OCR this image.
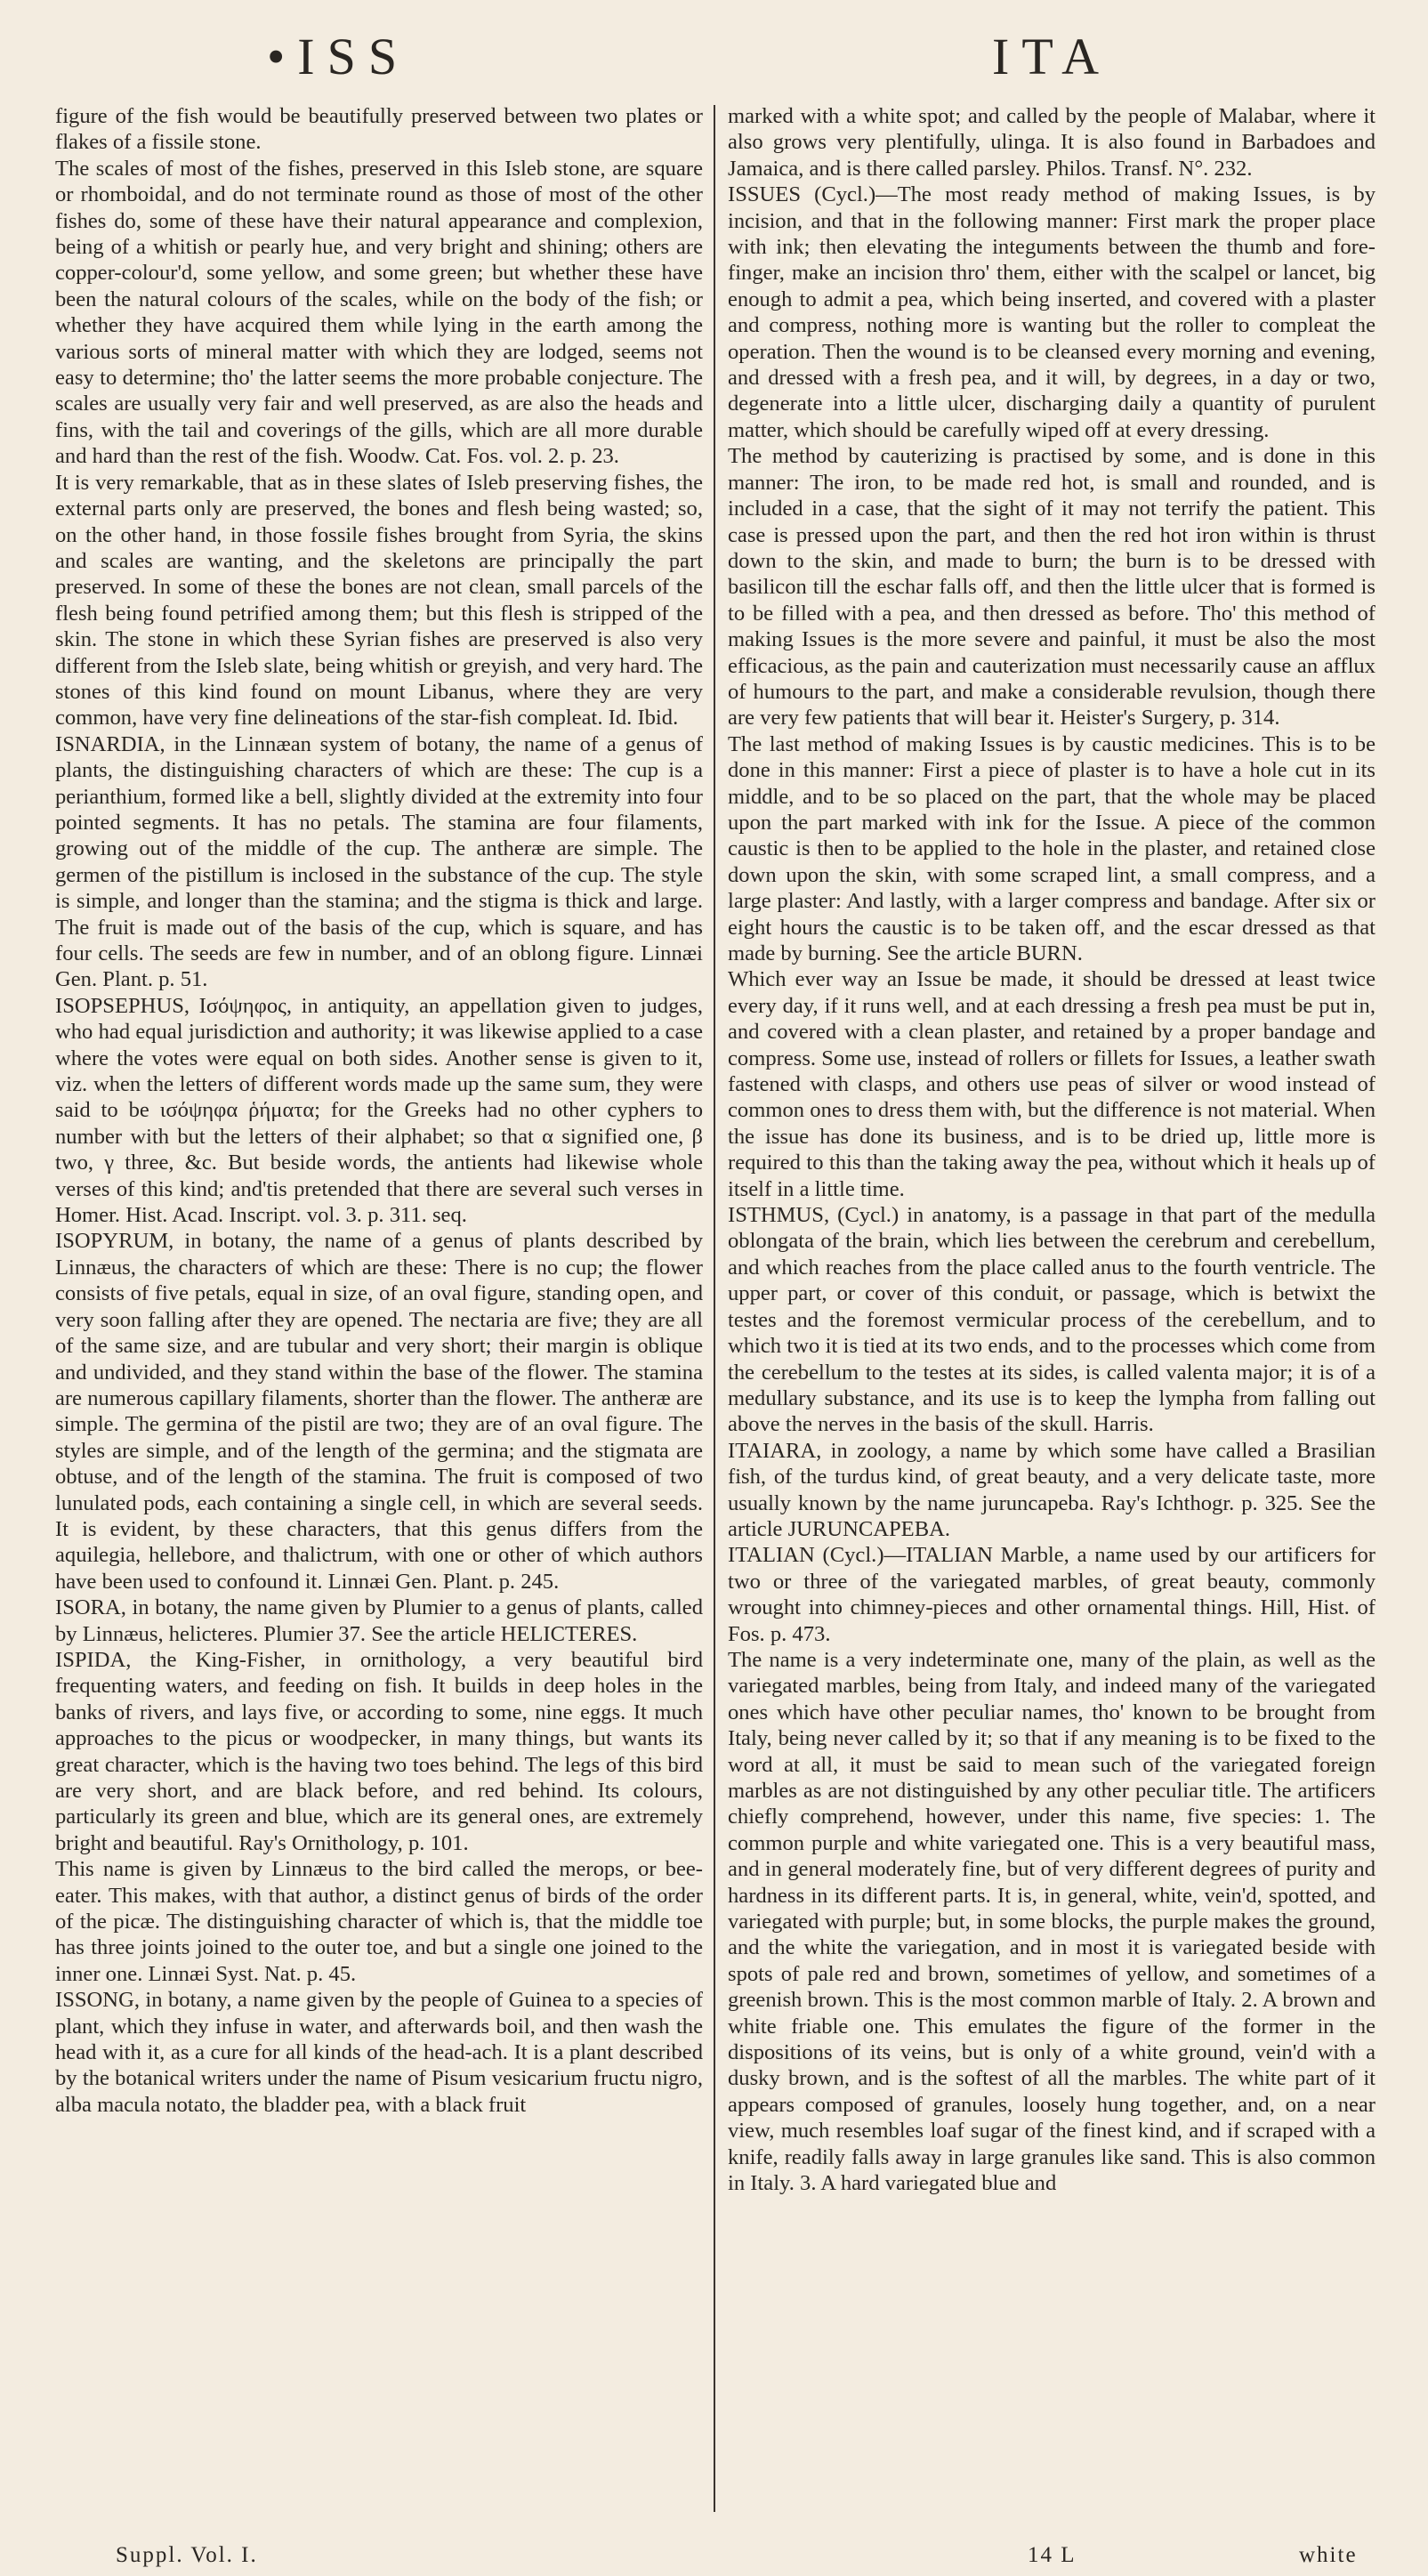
•ISS	ITA

figure of the fish would be beautifully preserved between two plates or flakes of a fissile stone.

The scales of most of the fishes, preserved in this Isleb stone, are square or rhomboidal, and do not terminate round as those of most of the other fishes do, some of these have their natural appearance and complexion, being of a whitish or pearly hue, and very bright and shining; others are copper-colour'd, some yellow, and some green; but whether these have been the natural colours of the scales, while on the body of the fish; or whether they have acquired them while lying in the earth among the various sorts of mineral matter with which they are lodged, seems not easy to determine; tho' the latter seems the more probable conjecture. The scales are usually very fair and well preserved, as are also the heads and fins, with the tail and coverings of the gills, which are all more durable and hard than the rest of the fish. Woodw. Cat. Fos. vol. 2. p. 23.

It is very remarkable, that as in these slates of Isleb preserving fishes, the external parts only are preserved, the bones and flesh being wasted; so, on the other hand, in those fossile fishes brought from Syria, the skins and scales are wanting, and the skeletons are principally the part preserved. In some of these the bones are not clean, small parcels of the flesh being found petrified among them; but this flesh is stripped of the skin. The stone in which these Syrian fishes are preserved is also very different from the Isleb slate, being whitish or greyish, and very hard. The stones of this kind found on mount Libanus, where they are very common, have very fine delineations of the star-fish compleat. Id. Ibid.

ISNARDIA, in the Linnæan system of botany, the name of a genus of plants, the distinguishing characters of which are these: The cup is a perianthium, formed like a bell, slightly divided at the extremity into four pointed segments. It has no petals. The stamina are four filaments, growing out of the middle of the cup. The antheræ are simple. The germen of the pistillum is inclosed in the substance of the cup. The style is simple, and longer than the stamina; and the stigma is thick and large. The fruit is made out of the basis of the cup, which is square, and has four cells. The seeds are few in number, and of an oblong figure. Linnæi Gen. Plant. p. 51.

ISOPSEPHUS, Ισόψηφος, in antiquity, an appellation given to judges, who had equal jurisdiction and authority; it was likewise applied to a case where the votes were equal on both sides. Another sense is given to it, viz. when the letters of different words made up the same sum, they were said to be ισόψηφα ῥήματα; for the Greeks had no other cyphers to number with but the letters of their alphabet; so that α signified one, β two, γ three, &c. But beside words, the antients had likewise whole verses of this kind; and'tis pretended that there are several such verses in Homer. Hist. Acad. Inscript. vol. 3. p. 311. seq.

ISOPYRUM, in botany, the name of a genus of plants described by Linnæus, the characters of which are these: There is no cup; the flower consists of five petals, equal in size, of an oval figure, standing open, and very soon falling after they are opened. The nectaria are five; they are all of the same size, and are tubular and very short; their margin is oblique and undivided, and they stand within the base of the flower. The stamina are numerous capillary filaments, shorter than the flower. The antheræ are simple. The germina of the pistil are two; they are of an oval figure. The styles are simple, and of the length of the germina; and the stigmata are obtuse, and of the length of the stamina. The fruit is composed of two lunulated pods, each containing a single cell, in which are several seeds. It is evident, by these characters, that this genus differs from the aquilegia, hellebore, and thalictrum, with one or other of which authors have been used to confound it. Linnæi Gen. Plant. p. 245.

ISORA, in botany, the name given by Plumier to a genus of plants, called by Linnæus, helicteres. Plumier 37. See the article HELICTERES.

ISPIDA, the King-Fisher, in ornithology, a very beautiful bird frequenting waters, and feeding on fish. It builds in deep holes in the banks of rivers, and lays five, or according to some, nine eggs. It much approaches to the picus or woodpecker, in many things, but wants its great character, which is the having two toes behind. The legs of this bird are very short, and are black before, and red behind. Its colours, particularly its green and blue, which are its general ones, are extremely bright and beautiful. Ray's Ornithology, p. 101.

This name is given by Linnæus to the bird called the merops, or bee-eater. This makes, with that author, a distinct genus of birds of the order of the picæ. The distinguishing character of which is, that the middle toe has three joints joined to the outer toe, and but a single one joined to the inner one. Linnæi Syst. Nat. p. 45.

ISSONG, in botany, a name given by the people of Guinea to a species of plant, which they infuse in water, and afterwards boil, and then wash the head with it, as a cure for all kinds of the head-ach. It is a plant described by the botanical writers under the name of Pisum vesicarium fructu nigro, alba macula notato, the bladder pea, with a black fruit

marked with a white spot; and called by the people of Malabar, where it also grows very plentifully, ulinga. It is also found in Barbadoes and Jamaica, and is there called parsley. Philos. Transf. N°. 232.

ISSUES (Cycl.)—The most ready method of making Issues, is by incision, and that in the following manner: First mark the proper place with ink; then elevating the integuments between the thumb and fore-finger, make an incision thro' them, either with the scalpel or lancet, big enough to admit a pea, which being inserted, and covered with a plaster and compress, nothing more is wanting but the roller to compleat the operation. Then the wound is to be cleansed every morning and evening, and dressed with a fresh pea, and it will, by degrees, in a day or two, degenerate into a little ulcer, discharging daily a quantity of purulent matter, which should be carefully wiped off at every dressing.

The method by cauterizing is practised by some, and is done in this manner: The iron, to be made red hot, is small and rounded, and is included in a case, that the sight of it may not terrify the patient. This case is pressed upon the part, and then the red hot iron within is thrust down to the skin, and made to burn; the burn is to be dressed with basilicon till the eschar falls off, and then the little ulcer that is formed is to be filled with a pea, and then dressed as before. Tho' this method of making Issues is the more severe and painful, it must be also the most efficacious, as the pain and cauterization must necessarily cause an afflux of humours to the part, and make a considerable revulsion, though there are very few patients that will bear it. Heister's Surgery, p. 314.

The last method of making Issues is by caustic medicines. This is to be done in this manner: First a piece of plaster is to have a hole cut in its middle, and to be so placed on the part, that the whole may be placed upon the part marked with ink for the Issue. A piece of the common caustic is then to be applied to the hole in the plaster, and retained close down upon the skin, with some scraped lint, a small compress, and a large plaster: And lastly, with a larger compress and bandage. After six or eight hours the caustic is to be taken off, and the escar dressed as that made by burning. See the article BURN.

Which ever way an Issue be made, it should be dressed at least twice every day, if it runs well, and at each dressing a fresh pea must be put in, and covered with a clean plaster, and retained by a proper bandage and compress. Some use, instead of rollers or fillets for Issues, a leather swath fastened with clasps, and others use peas of silver or wood instead of common ones to dress them with, but the difference is not material. When the issue has done its business, and is to be dried up, little more is required to this than the taking away the pea, without which it heals up of itself in a little time.

ISTHMUS, (Cycl.) in anatomy, is a passage in that part of the medulla oblongata of the brain, which lies between the cerebrum and cerebellum, and which reaches from the place called anus to the fourth ventricle. The upper part, or cover of this conduit, or passage, which is betwixt the testes and the foremost vermicular process of the cerebellum, and to which two it is tied at its two ends, and to the processes which come from the cerebellum to the testes at its sides, is called valenta major; it is of a medullary substance, and its use is to keep the lympha from falling out above the nerves in the basis of the skull. Harris.

ITAIARA, in zoology, a name by which some have called a Brasilian fish, of the turdus kind, of great beauty, and a very delicate taste, more usually known by the name juruncapeba. Ray's Ichthogr. p. 325. See the article JURUNCAPEBA.

ITALIAN (Cycl.)—ITALIAN Marble, a name used by our artificers for two or three of the variegated marbles, of great beauty, commonly wrought into chimney-pieces and other ornamental things. Hill, Hist. of Fos. p. 473.

The name is a very indeterminate one, many of the plain, as well as the variegated marbles, being from Italy, and indeed many of the variegated ones which have other peculiar names, tho' known to be brought from Italy, being never called by it; so that if any meaning is to be fixed to the word at all, it must be said to mean such of the variegated foreign marbles as are not distinguished by any other peculiar title. The artificers chiefly comprehend, however, under this name, five species: 1. The common purple and white variegated one. This is a very beautiful mass, and in general moderately fine, but of very different degrees of purity and hardness in its different parts. It is, in general, white, vein'd, spotted, and variegated with purple; but, in some blocks, the purple makes the ground, and the white the variegation, and in most it is variegated beside with spots of pale red and brown, sometimes of yellow, and sometimes of a greenish brown. This is the most common marble of Italy. 2. A brown and white friable one. This emulates the figure of the former in the dispositions of its veins, but is only of a white ground, vein'd with a dusky brown, and is the softest of all the marbles. The white part of it appears composed of granules, loosely hung together, and, on a near view, much resembles loaf sugar of the finest kind, and if scraped with a knife, readily falls away in large granules like sand. This is also common in Italy. 3. A hard variegated blue and

Suppl. Vol. I.	14 L	white
